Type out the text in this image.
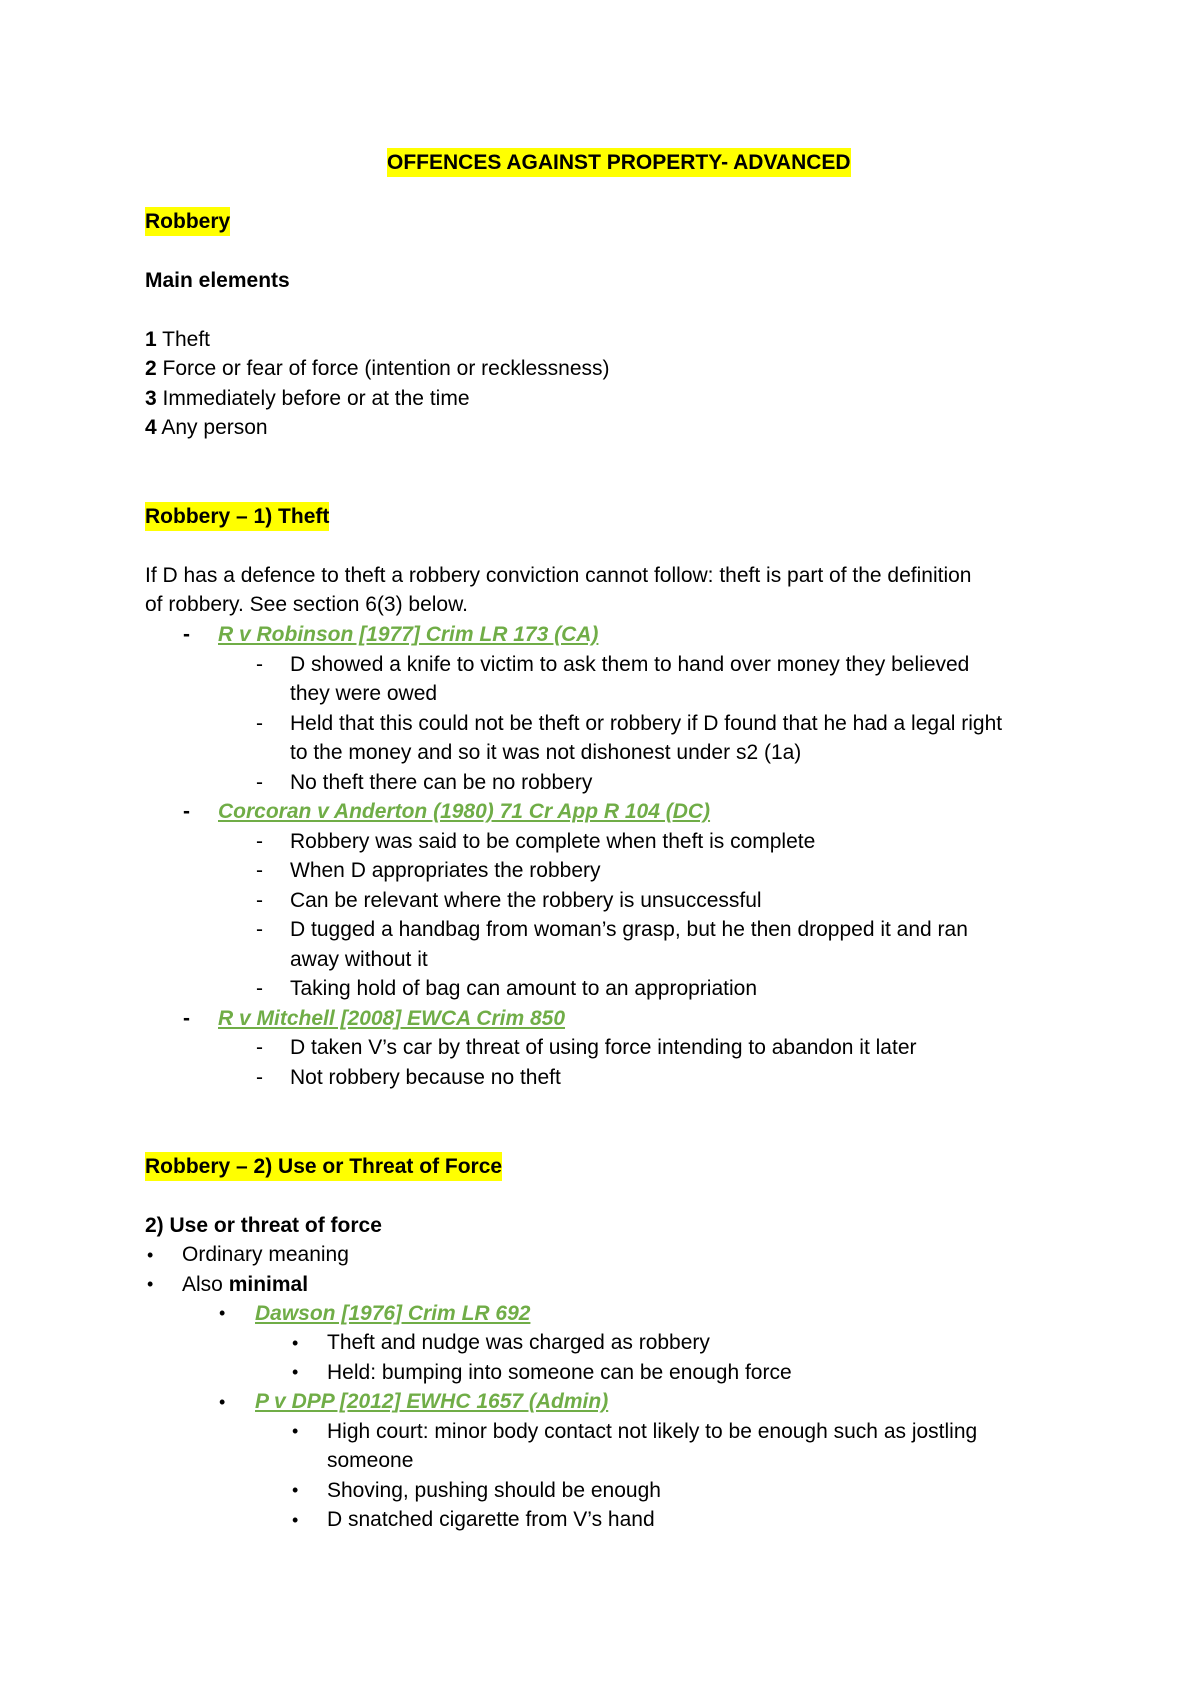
OFFENCES AGAINST PROPERTY- ADVANCED
Robbery
Main elements
1 Theft
2 Force or fear of force (intention or recklessness)
3 Immediately before or at the time
4 Any person
Robbery – 1) Theft
If D has a defence to theft a robbery conviction cannot follow: theft is part of the definition
of robbery. See section 6(3) below.
- R v Robinson [1977] Crim LR 173 (CA)
- D showed a knife to victim to ask them to hand over money they believed
they were owed
- Held that this could not be theft or robbery if D found that he had a legal right
to the money and so it was not dishonest under s2 (1a)
- No theft there can be no robbery
- Corcoran v Anderton (1980) 71 Cr App R 104 (DC)
- Robbery was said to be complete when theft is complete
- When D appropriates the robbery
- Can be relevant where the robbery is unsuccessful
- D tugged a handbag from woman’s grasp, but he then dropped it and ran
away without it
- Taking hold of bag can amount to an appropriation
- R v Mitchell [2008] EWCA Crim 850
- D taken V’s car by threat of using force intending to abandon it later
- Not robbery because no theft
Robbery – 2) Use or Threat of Force
2) Use or threat of force
• Ordinary meaning
• Also minimal
• Dawson [1976] Crim LR 692
• Theft and nudge was charged as robbery
• Held: bumping into someone can be enough force
• P v DPP [2012] EWHC 1657 (Admin)
• High court: minor body contact not likely to be enough such as jostling
someone
• Shoving, pushing should be enough
• D snatched cigarette from V’s hand
